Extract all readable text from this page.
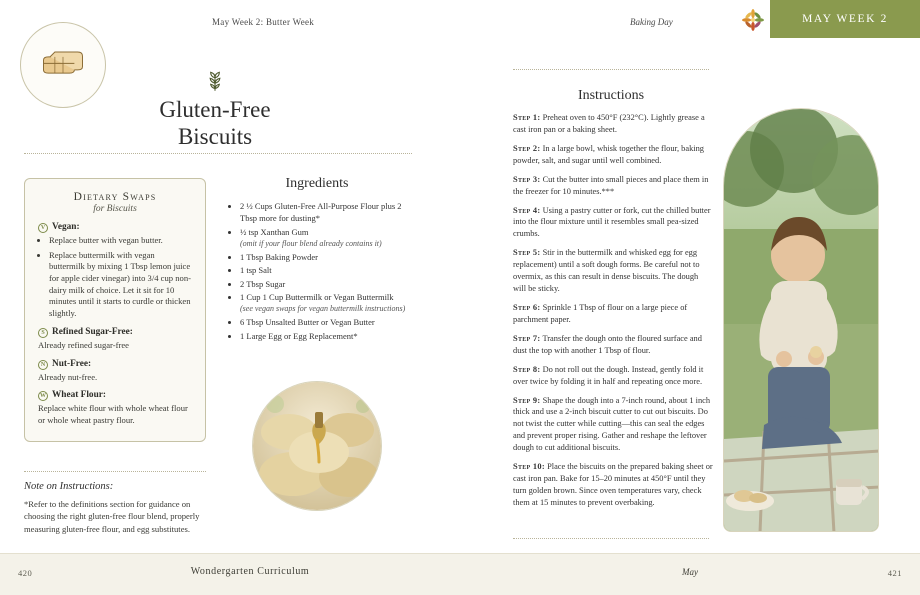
May Week 2: Butter Week	Baking Day	MAY WEEK 2
Gluten-Free
Biscuits
Dietary Swaps
for Biscuits
V Vegan:
• Replace butter with vegan butter.
• Replace buttermilk with vegan buttermilk by mixing 1 Tbsp lemon juice for apple cider vinegar) into 3/4 cup non-dairy milk of choice. Let it sit for 10 minutes until it starts to curdle or thicken slightly.
S Refined Sugar-Free:
Already refined sugar-free
N Nut-Free:
Already nut-free.
W Wheat Flour:
Replace white flour with whole wheat flour or whole wheat pastry flour.
Ingredients
• 2 ½ Cups Gluten-Free All-Purpose Flour plus 2 Tbsp more for dusting*
• ½ tsp Xanthan Gum
(omit if your flour blend already contains it)
• 1 Tbsp Baking Powder
• 1 tsp Salt
• 2 Tbsp Sugar
• 1 Cup 1 Cup Buttermilk or Vegan Buttermilk
(see vegan swaps for vegan buttermilk instructions)
• 6 Tbsp Unsalted Butter or Vegan Butter
• 1 Large Egg or Egg Replacement*
Note on Instructions:
*Refer to the definitions section for guidance on choosing the right gluten-free flour blend, properly measuring gluten-free flour, and egg substitutes.
Instructions
Step 1: Preheat oven to 450°F (232°C). Lightly grease a cast iron pan or a baking sheet.
Step 2: In a large bowl, whisk together the flour, baking powder, salt, and sugar until well combined.
Step 3: Cut the butter into small pieces and place them in the freezer for 10 minutes.***
Step 4: Using a pastry cutter or fork, cut the chilled butter into the flour mixture until it resembles small pea-sized crumbs.
Step 5: Stir in the buttermilk and whisked egg for egg replacement) until a soft dough forms. Be careful not to overmix, as this can result in dense biscuits. The dough will be sticky.
Step 6: Sprinkle 1 Tbsp of flour on a large piece of parchment paper.
Step 7: Transfer the dough onto the floured surface and dust the top with another 1 Tbsp of flour.
Step 8: Do not roll out the dough. Instead, gently fold it over twice by folding it in half and repeating once more.
Step 9: Shape the dough into a 7-inch round, about 1 inch thick and use a 2-inch biscuit cutter to cut out biscuits. Do not twist the cutter while cutting—this can seal the edges and prevent proper rising. Gather and reshape the leftover dough to cut additional biscuits.
Step 10: Place the biscuits on the prepared baking sheet or cast iron pan. Bake for 15–20 minutes at 450°F until they turn golden brown. Since oven temperatures vary, check them at 15 minutes to prevent overbaking.
420	Wondergarten Curriculum	May	421
